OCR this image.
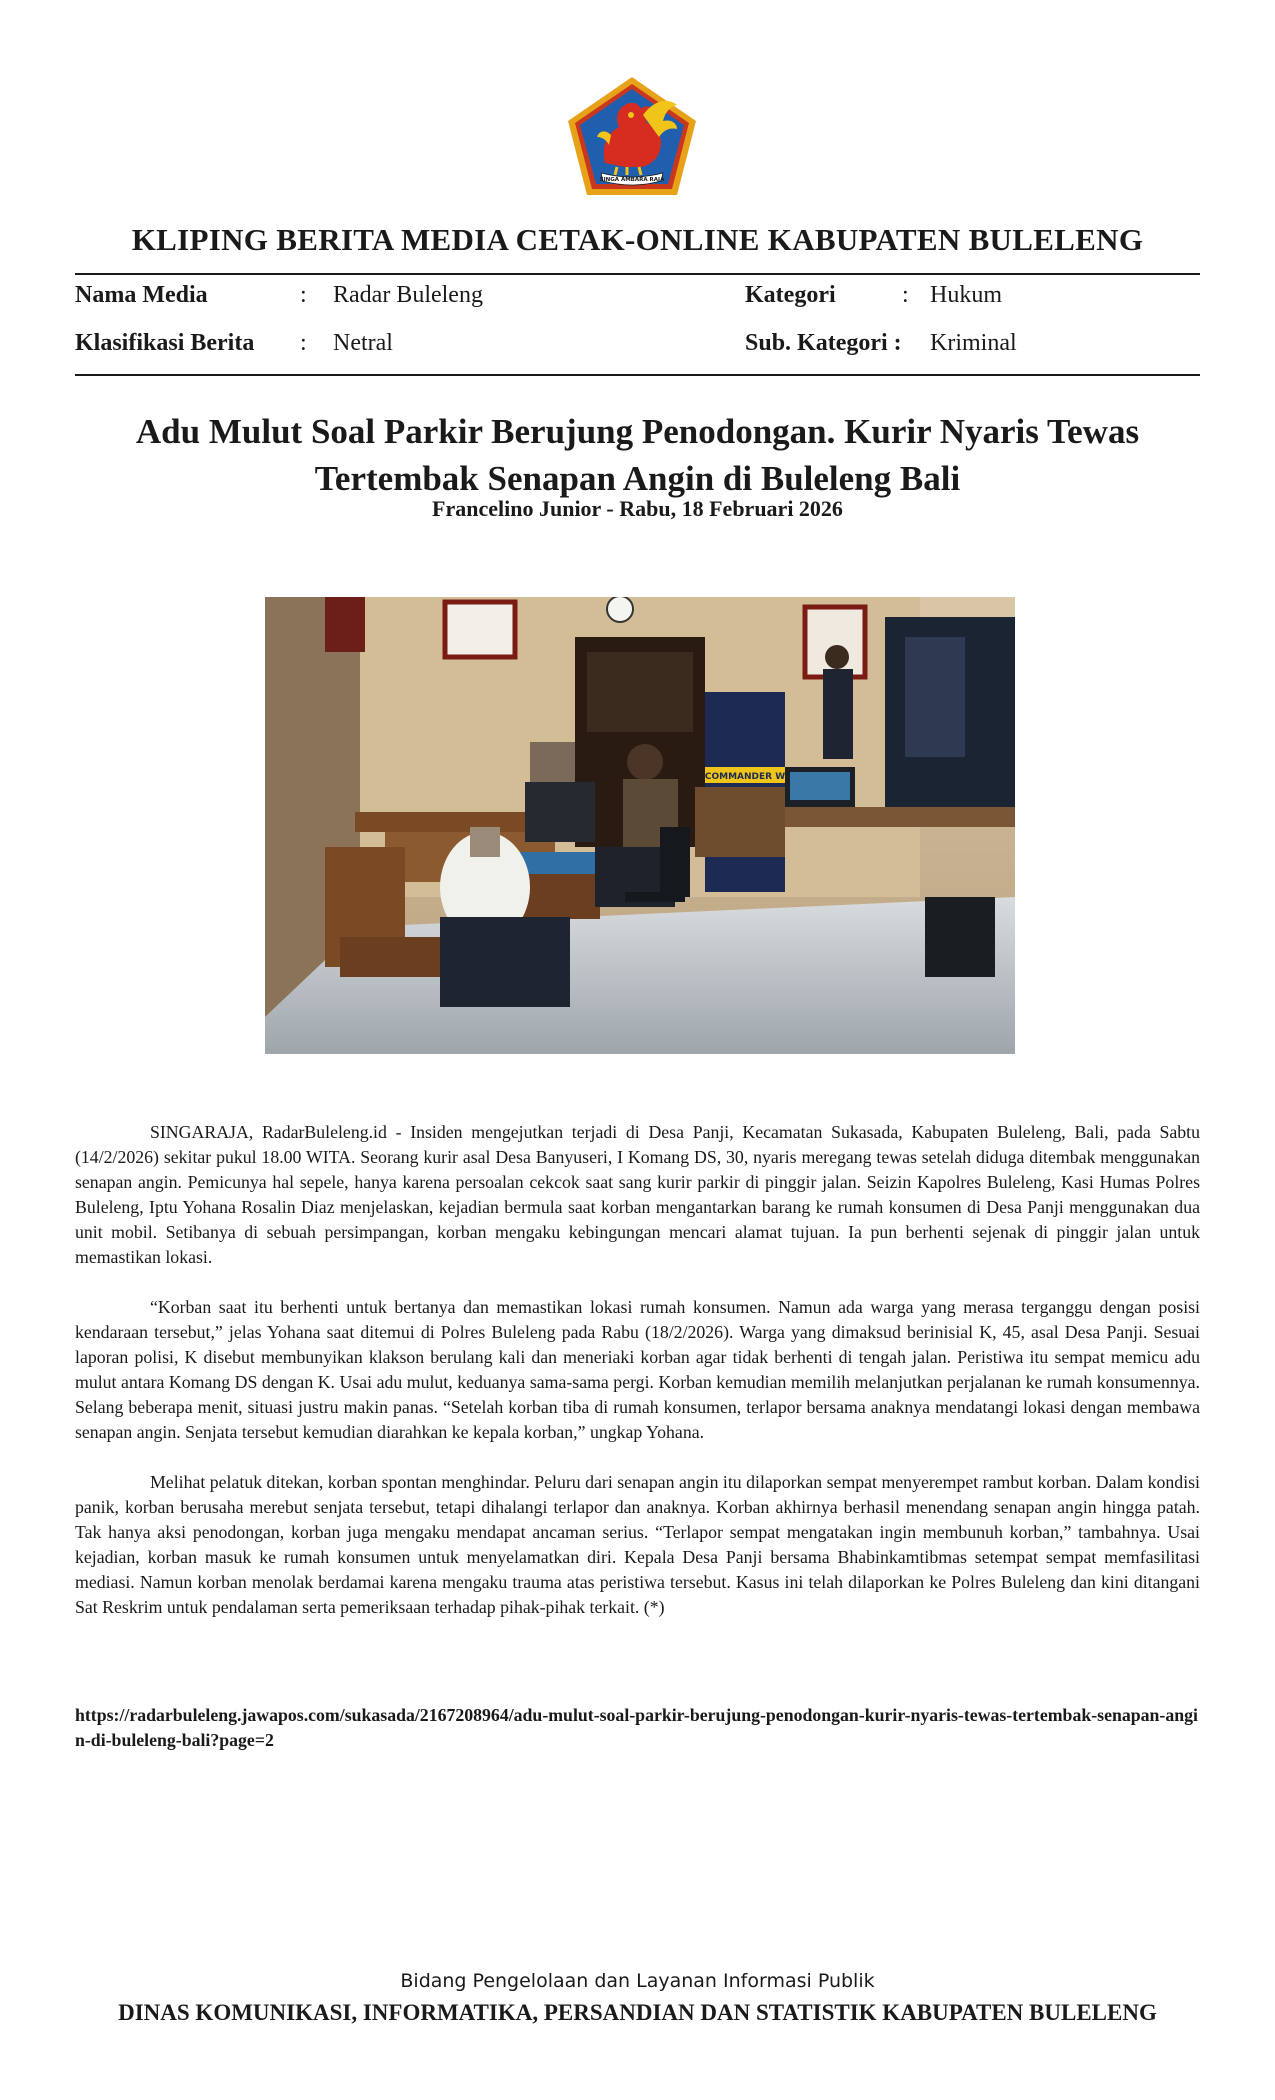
SINGA AMBARA RAJA
KLIPING BERITA MEDIA CETAK-ONLINE KABUPATEN BULELENG
Nama Media	: Radar Buleleng	Kategori	: Hukum
Klasifikasi Berita : Netral	Sub. Kategori : Kriminal
Adu Mulut Soal Parkir Berujung Penodongan. Kurir Nyaris Tewas Tertembak Senapan Angin di Buleleng Bali
Francelino Junior - Rabu, 18 Februari 2026
COMMANDER W

SINGARAJA, RadarBuleleng.id - Insiden mengejutkan terjadi di Desa Panji, Kecamatan Sukasada, Kabupaten Buleleng, Bali, pada Sabtu (14/2/2026) sekitar pukul 18.00 WITA. Seorang kurir asal Desa Banyuseri, I Komang DS, 30, nyaris meregang tewas setelah diduga ditembak menggunakan senapan angin. Pemicunya hal sepele, hanya karena persoalan cekcok saat sang kurir parkir di pinggir jalan. Seizin Kapolres Buleleng, Kasi Humas Polres Buleleng, Iptu Yohana Rosalin Diaz menjelaskan, kejadian bermula saat korban mengantarkan barang ke rumah konsumen di Desa Panji menggunakan dua unit mobil. Setibanya di sebuah persimpangan, korban mengaku kebingungan mencari alamat tujuan. Ia pun berhenti sejenak di pinggir jalan untuk memastikan lokasi.

“Korban saat itu berhenti untuk bertanya dan memastikan lokasi rumah konsumen. Namun ada warga yang merasa terganggu dengan posisi kendaraan tersebut,” jelas Yohana saat ditemui di Polres Buleleng pada Rabu (18/2/2026). Warga yang dimaksud berinisial K, 45, asal Desa Panji. Sesuai laporan polisi, K disebut membunyikan klakson berulang kali dan meneriaki korban agar tidak berhenti di tengah jalan. Peristiwa itu sempat memicu adu mulut antara Komang DS dengan K. Usai adu mulut, keduanya sama-sama pergi. Korban kemudian memilih melanjutkan perjalanan ke rumah konsumennya. Selang beberapa menit, situasi justru makin panas. “Setelah korban tiba di rumah konsumen, terlapor bersama anaknya mendatangi lokasi dengan membawa senapan angin. Senjata tersebut kemudian diarahkan ke kepala korban,” ungkap Yohana.

Melihat pelatuk ditekan, korban spontan menghindar. Peluru dari senapan angin itu dilaporkan sempat menyerempet rambut korban. Dalam kondisi panik, korban berusaha merebut senjata tersebut, tetapi dihalangi terlapor dan anaknya. Korban akhirnya berhasil menendang senapan angin hingga patah. Tak hanya aksi penodongan, korban juga mengaku mendapat ancaman serius. “Terlapor sempat mengatakan ingin membunuh korban,” tambahnya. Usai kejadian, korban masuk ke rumah konsumen untuk menyelamatkan diri. Kepala Desa Panji bersama Bhabinkamtibmas setempat sempat memfasilitasi mediasi. Namun korban menolak berdamai karena mengaku trauma atas peristiwa tersebut. Kasus ini telah dilaporkan ke Polres Buleleng dan kini ditangani Sat Reskrim untuk pendalaman serta pemeriksaan terhadap pihak-pihak terkait. (*)

https://radarbuleleng.jawapos.com/sukasada/2167208964/adu-mulut-soal-parkir-berujung-penodongan-kurir-nyaris-tewas-tertembak-senapan-angin-di-buleleng-bali?page=2
Bidang Pengelolaan dan Layanan Informasi Publik
DINAS KOMUNIKASI, INFORMATIKA, PERSANDIAN DAN STATISTIK KABUPATEN BULELENG
